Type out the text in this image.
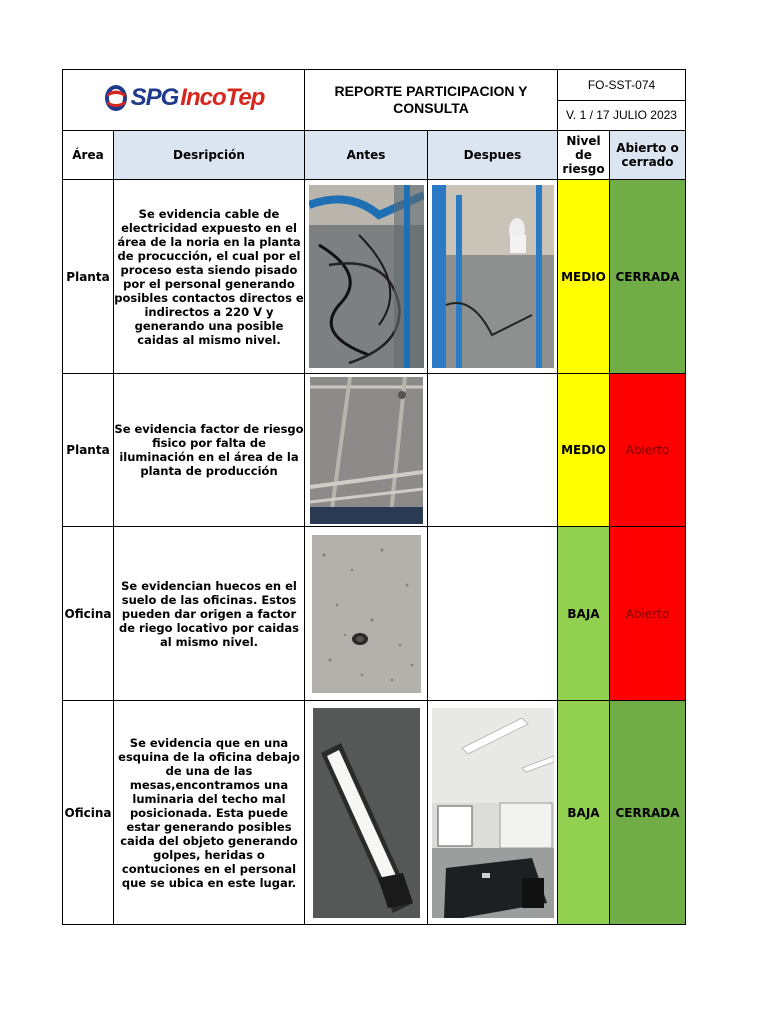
SPG IncoTep		REPORTE PARTICIPACION Y CONSULTA		FO-SST-074	
				V. 1 / 17 JULIO 2023	
Área	Desripción	Antes	Despues	Nivel de riesgo	Abierto o cerrado
Planta	Se evidencia cable de electricidad expuesto en el área de la noria en la planta de procucción, el cual por el proceso esta siendo pisado por el personal generando posibles contactos directos e indirectos a 220 V y generando una posible caidas al mismo nivel.			MEDIO	CERRADA
Planta	Se evidencia factor de riesgo fisico por falta de iluminación en el área de la planta de producción			MEDIO	Abierto
Oficina	Se evidencian huecos en el suelo de las oficinas. Estos pueden dar origen a factor de riego locativo por caidas al mismo nivel.			BAJA	Abierto
Oficina	Se evidencia que en una esquina de la oficina debajo de una de las mesas,encontramos una luminaria del techo mal posicionada. Esta puede estar generando posibles caida del objeto generando golpes, heridas o contuciones en el personal que se ubica en este lugar.			BAJA	CERRADA
